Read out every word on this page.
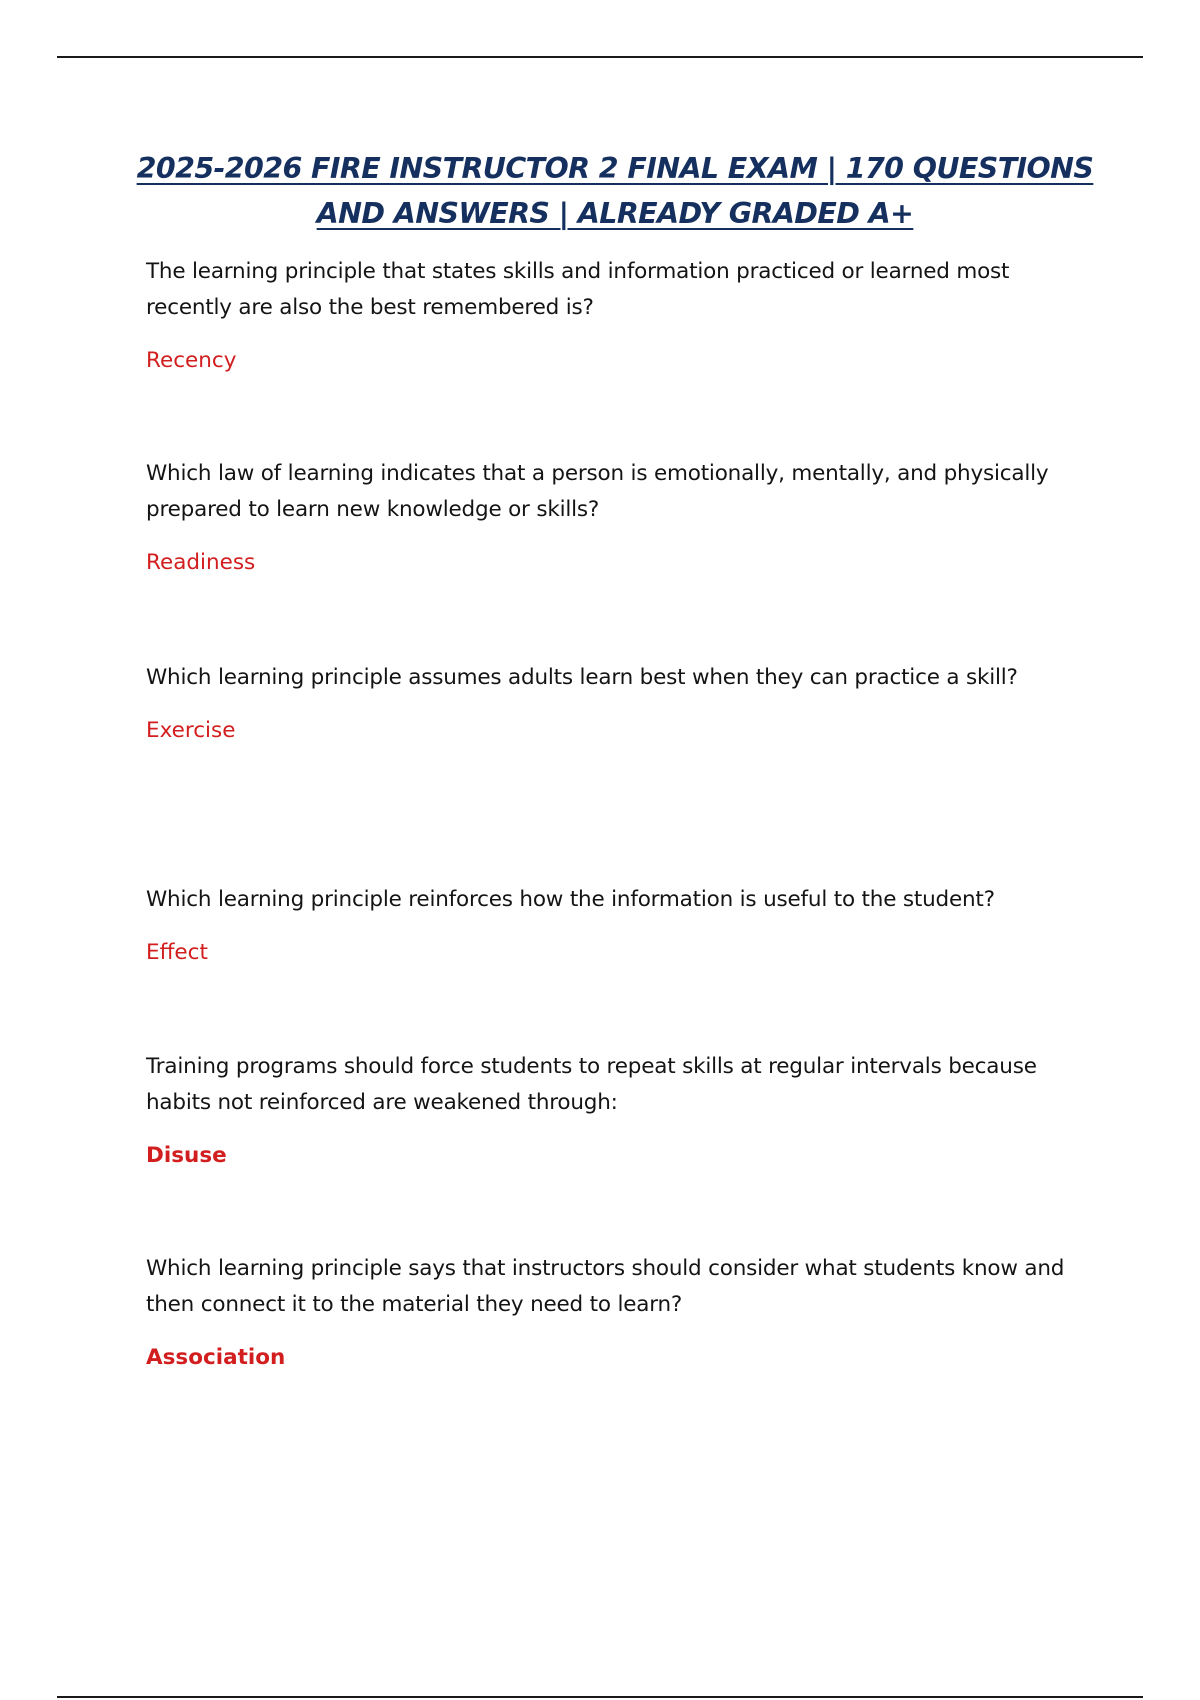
2025-2026 FIRE INSTRUCTOR 2 FINAL EXAM | 170 QUESTIONS
AND ANSWERS | ALREADY GRADED A+

The learning principle that states skills and information practiced or learned most recently are also the best remembered is?

Recency

Which law of learning indicates that a person is emotionally, mentally, and physically prepared to learn new knowledge or skills?

Readiness

Which learning principle assumes adults learn best when they can practice a skill?

Exercise

Which learning principle reinforces how the information is useful to the student?

Effect

Training programs should force students to repeat skills at regular intervals because habits not reinforced are weakened through:

Disuse

Which learning principle says that instructors should consider what students know and then connect it to the material they need to learn?

Association
